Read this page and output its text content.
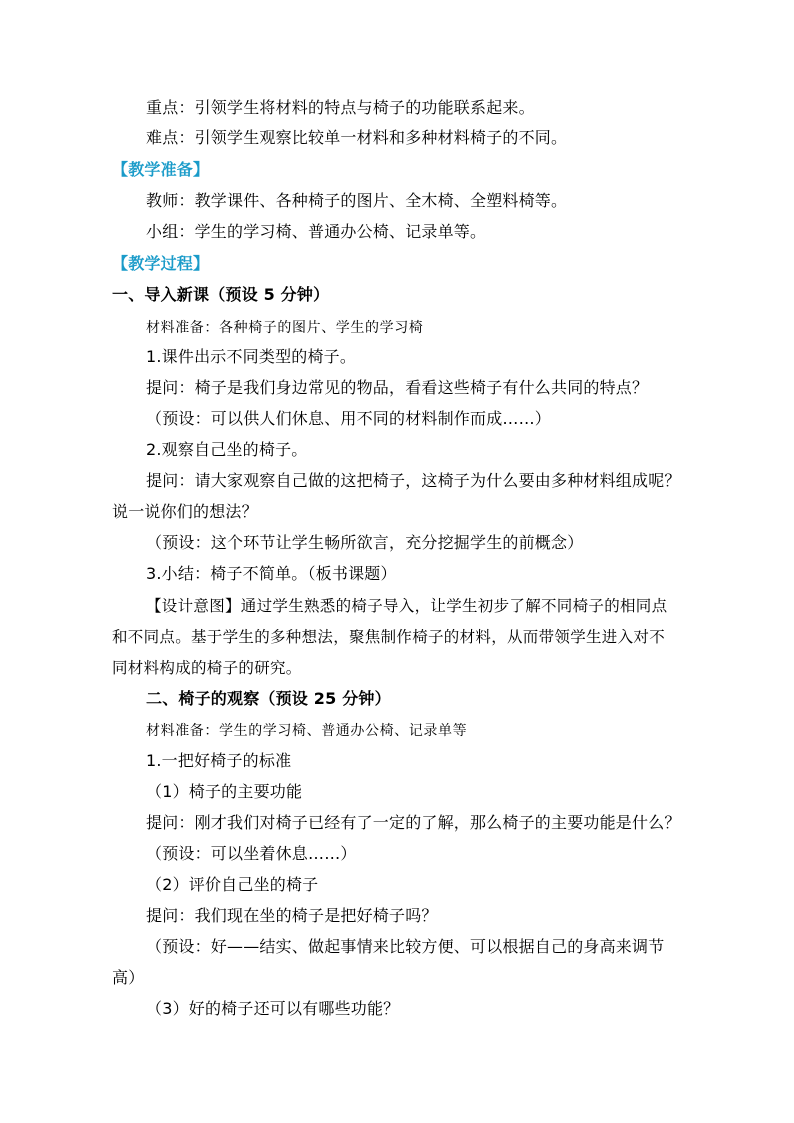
重点：引领学生将材料的特点与椅子的功能联系起来。
难点：引领学生观察比较单一材料和多种材料椅子的不同。
【教学准备】
教师：教学课件、各种椅子的图片、全木椅、全塑料椅等。
小组：学生的学习椅、普通办公椅、记录单等。
【教学过程】
一、导入新课（预设 5 分钟）
材料准备：各种椅子的图片、学生的学习椅
1.课件出示不同类型的椅子。
提问：椅子是我们身边常见的物品，看看这些椅子有什么共同的特点？
（预设：可以供人们休息、用不同的材料制作而成……）
2.观察自己坐的椅子。
提问：请大家观察自己做的这把椅子，这椅子为什么要由多种材料组成呢？
说一说你们的想法？
（预设：这个环节让学生畅所欲言，充分挖掘学生的前概念）
3.小结：椅子不简单。（板书课题）
【设计意图】通过学生熟悉的椅子导入，让学生初步了解不同椅子的相同点
和不同点。基于学生的多种想法，聚焦制作椅子的材料，从而带领学生进入对不
同材料构成的椅子的研究。
二、椅子的观察（预设 25 分钟）
材料准备：学生的学习椅、普通办公椅、记录单等
1.一把好椅子的标准
（1）椅子的主要功能
提问：刚才我们对椅子已经有了一定的了解，那么椅子的主要功能是什么？
（预设：可以坐着休息……）
（2）评价自己坐的椅子
提问：我们现在坐的椅子是把好椅子吗？
（预设：好——结实、做起事情来比较方便、可以根据自己的身高来调节
高）
（3）好的椅子还可以有哪些功能？
